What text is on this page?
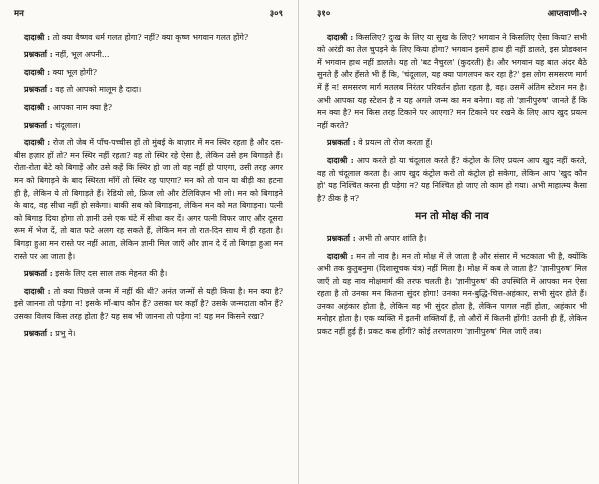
मन	३०९

दादाश्री : तो क्या वैष्णव धर्म गलत होगा? नहीं? क्या कृष्ण भगवान गलत होंगे?

प्रश्नकर्ता : नहीं, भूल अपनी...

दादाश्री : क्या भूल होगी?

प्रश्नकर्ता : वह तो आपको मालूम है दादा।

दादाश्री : आपका नाम क्या है?

प्रश्नकर्ता : चंदूलाल।

दादाश्री : रोज तो जेब में पाँच-पच्चीस हों तो मुंबई के बाज़ार में मन स्थिर रहता है और दस-बीस हज़ार हों तो? मन स्थिर नहीं रहता? वह तो स्थिर रहे ऐसा है, लेकिन उसे हम बिगाड़ते हैं। रोता-रोता बेटे को बिगाड़ें और उसे कहें कि स्थिर हो जा तो वह नहीं हो पाएगा, उसी तरह अगर मन को बिगाड़ने के बाद स्थिरता माँगें तो स्थिर रह पाएगा? मन को तो पान या बीड़ी का हटना ही है, लेकिन ये तो बिगाड़ते हैं। रेडियो लो, फ्रिज लो और टेलिविज़न भी लो। मन को बिगाड़ने के बाद, वह सीधा नहीं हो सकेगा। बाकी सब को बिगाड़ना, लेकिन मन को मत बिगाड़ना। पत्नी को बिगाड़ दिया होगा तो ज्ञानी उसे एक घंटे में सीधा कर दें। अगर पत्नी विफर जाए और दूसरा रूम में भेज दें, तो बात फटे अलग रह सकते हैं, लेकिन मन तो रात-दिन साथ में ही रहता है। बिगड़ा हुआ मन रास्ते पर नहीं आता, लेकिन ज्ञानी मिल जाएँ और ज्ञान दे दें तो बिगड़ा हुआ मन रास्ते पर आ जाता है।

प्रश्नकर्ता : इसके लिए दस साल तक मेहनत की है।

दादाश्री : तो क्या पिछले जन्म में नहीं की थी? अनंत जन्मों से यही किया है। मन क्या है? इसे जानना तो पड़ेगा न! इसके माँ-बाप कौन हैं? उसका घर कहाँ है? उसके जन्मदाता कौन हैं? उसका विलय किस तरह होता है? यह सब भी जानना तो पड़ेगा न! यह मन किसने रखा?

प्रश्नकर्ता : प्रभु ने।

३१०	आप्तवाणी-२

दादाश्री : किसलिए? दुःख के लिए या सुख के लिए? भगवान ने किसलिए ऐसा किया? सभी को अरंडी का तेल चुपड़ने के लिए किया होगा? भगवान इसमें हाथ ही नहीं डालते, इस प्रोडक्शन में भगवान हाथ नहीं डालते। यह तो 'बट नैचुरल' (कुदरती) है। और भगवान यह बात अंदर बैठे सुनते हैं और हँसते भी हैं कि, 'चंदूलाल, यह क्या पागलपन कर रहा है?' इस लोग समसरण मार्ग में हैं न! समसरण मार्ग मतलब निरंतर परिवर्तन होता रहता है, वह। उसमें अंतिम स्टेशन मन है। अभी आपका यह स्टेशन है न यह अगले जन्म का मन बनेगा। वह तो 'ज्ञानीपुरुष' जानते हैं कि मन क्या है? मन किस तरह टिकाने पर आएगा? मन टिकाने पर रखने के लिए आप खुद प्रयत्न नहीं करते?

प्रश्नकर्ता : वे प्रयत्न तो रोज करता हूँ।

दादाश्री : आप करते हो या चंदूलाल करते हैं? कंट्रोल के लिए प्रयत्न आप खुद नहीं करते, वह तो चंदूलाल करता है। आप खुद कंट्रोल करो तो कंट्रोल हो सकेगा, लेकिन आप 'खुद कौन हो' यह निश्चित करना ही पड़ेगा न? यह निश्चित हो जाए तो काम हो गया। अभी माहात्म्य कैसा है? ठीक है न?

मन तो मोक्ष की नाव

प्रश्नकर्ता : अभी तो अपार शांति है।

दादाश्री : मन तो नाव है। मन तो मोक्ष में ले जाता है और संसार में भटकाता भी है, क्योंकि अभी तक कुतुबनुमा (दिशासूचक यंत्र) नहीं मिला है। मोक्ष में कब ले जाता है? 'ज्ञानीपुरुष' मिल जाएँ तो यह नाव मोक्षमार्ग की तरफ चलती है। 'ज्ञानीपुरुष' की उपस्थिति में आपका मन ऐसा रहता है तो उनका मन कितना सुंदर होगा! उनका मन-बुद्धि-चित्त-अहंकार, सभी सुंदर होते हैं। उनका अहंकार होता है, लेकिन वह भी सुंदर होता है, लेकिन पागल नहीं होता, अहंकार भी मनोहर होता है। एक व्यक्ति में इतनी शक्तियाँ हैं, तो औरों में कितनी होंगी! उतनी ही हैं, लेकिन प्रकट नहीं हुई हैं। प्रकट कब होंगी? कोई तरणतारण 'ज्ञानीपुरुष' मिल जाएँ तब।
